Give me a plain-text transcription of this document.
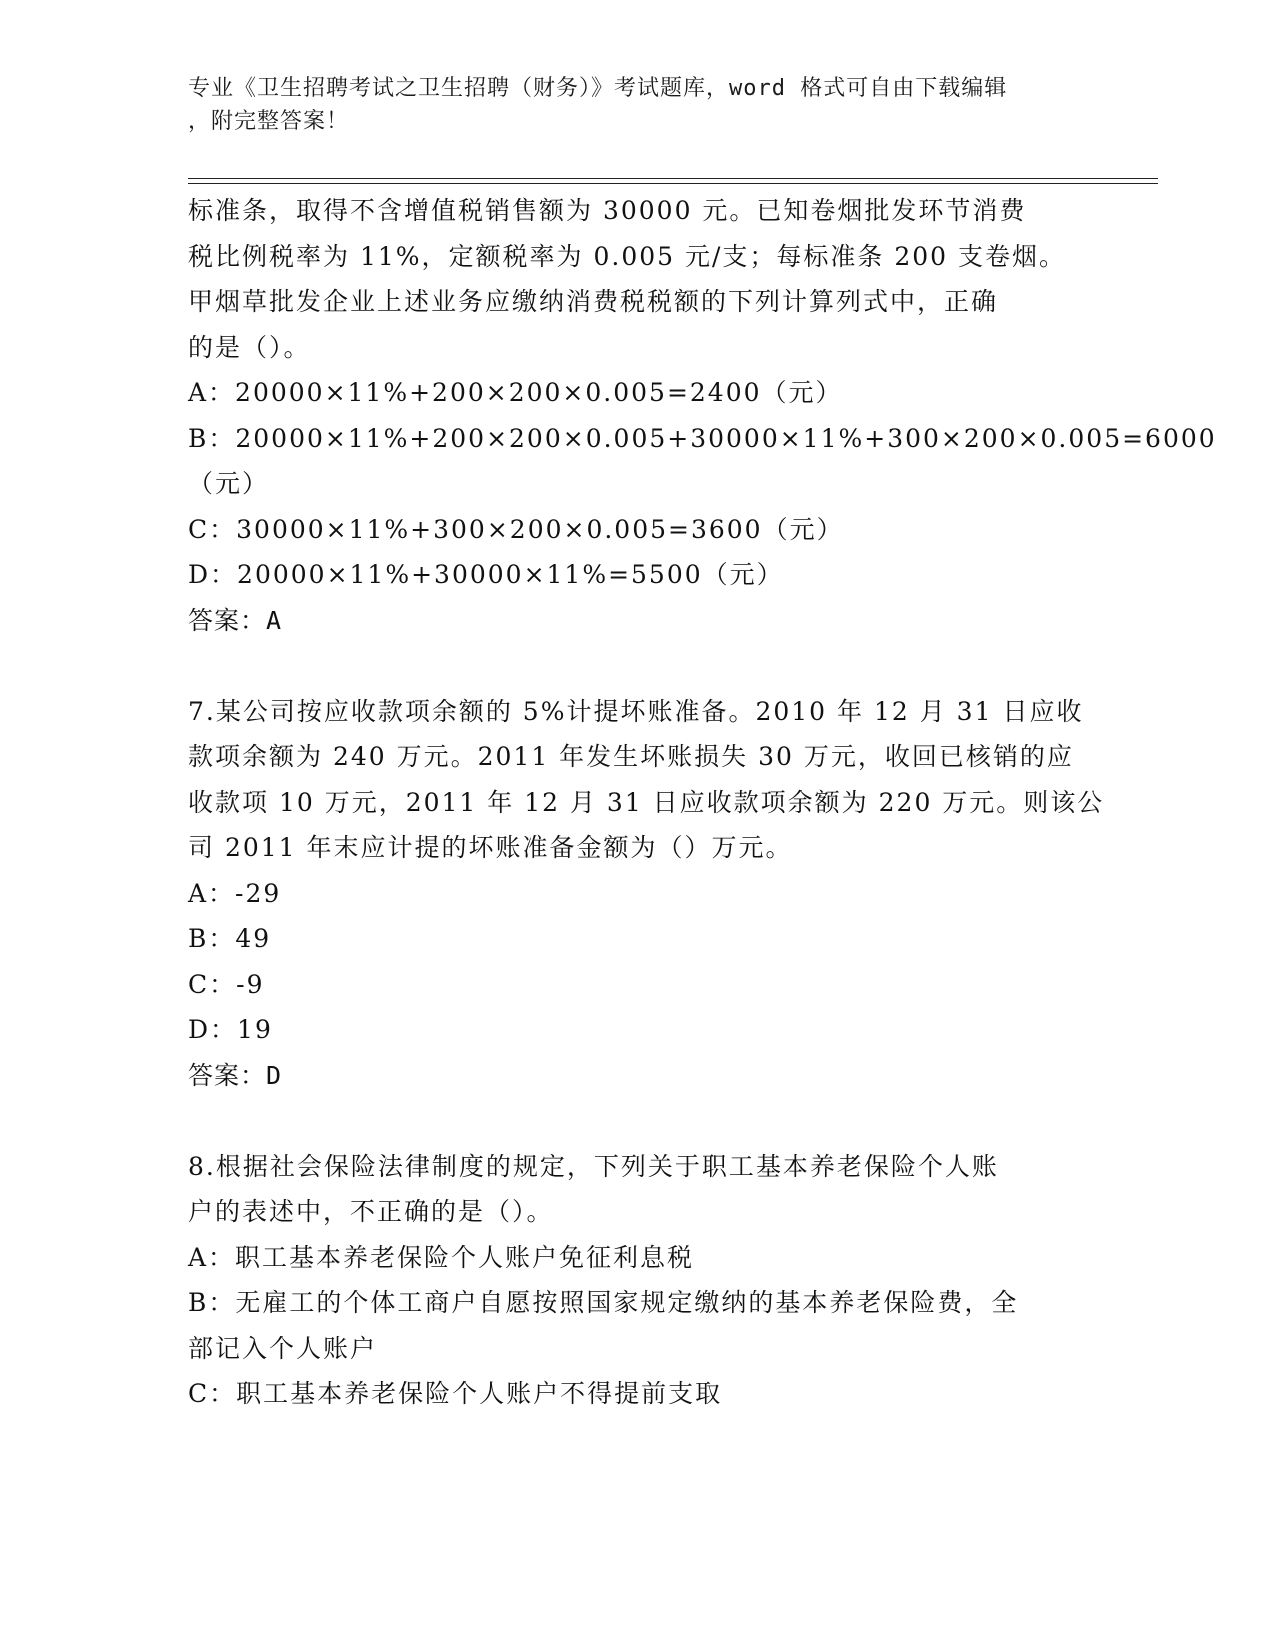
专业《卫生招聘考试之卫生招聘（财务）》考试题库，word 格式可自由下载编辑
，附完整答案！
标准条，取得不含增值税销售额为 30000 元。已知卷烟批发环节消费
税比例税率为 11%，定额税率为 0.005 元/支；每标准条 200 支卷烟。
甲烟草批发企业上述业务应缴纳消费税税额的下列计算列式中，正确
的是（）。
A：20000×11%+200×200×0.005=2400（元）
B：20000×11%+200×200×0.005+30000×11%+300×200×0.005=6000
（元）
C：30000×11%+300×200×0.005=3600（元）
D：20000×11%+30000×11%=5500（元）
答案：A
7.某公司按应收款项余额的 5%计提坏账准备。2010 年 12 月 31 日应收
款项余额为 240 万元。2011 年发生坏账损失 30 万元，收回已核销的应
收款项 10 万元，2011 年 12 月 31 日应收款项余额为 220 万元。则该公
司 2011 年末应计提的坏账准备金额为（）万元。
A：-29
B：49
C：-9
D：19
答案：D
8.根据社会保险法律制度的规定，下列关于职工基本养老保险个人账
户的表述中，不正确的是（）。
A：职工基本养老保险个人账户免征利息税
B：无雇工的个体工商户自愿按照国家规定缴纳的基本养老保险费，全
部记入个人账户
C：职工基本养老保险个人账户不得提前支取
